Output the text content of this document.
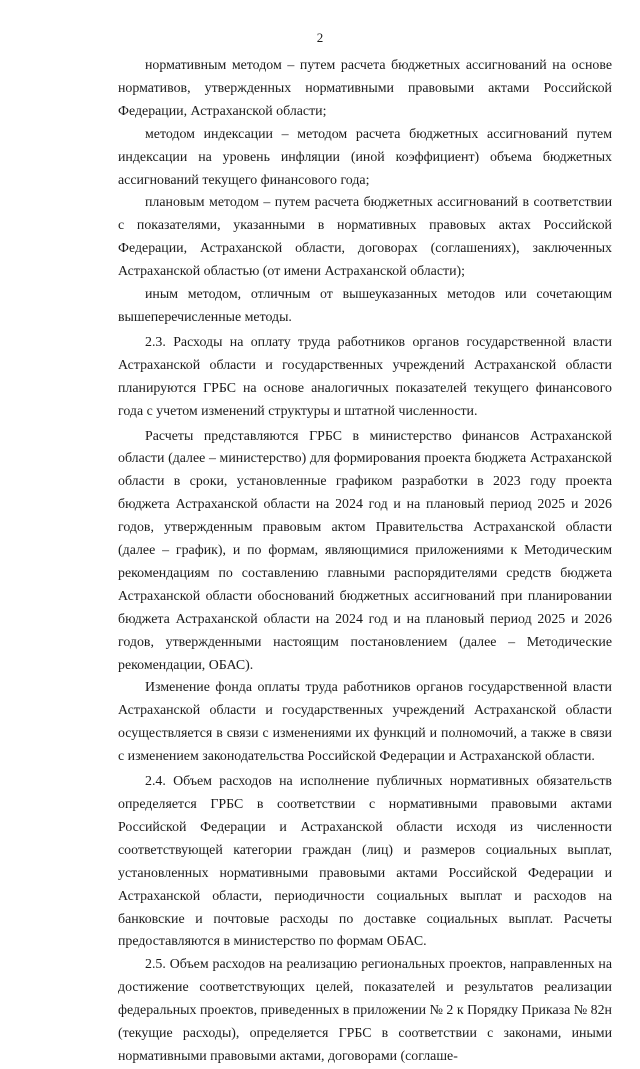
2

нормативным методом – путем расчета бюджетных ассигнований на основе нормативов, утвержденных нормативными правовыми актами Российской Федерации, Астраханской области;

методом индексации – методом расчета бюджетных ассигнований путем индексации на уровень инфляции (иной коэффициент) объема бюджетных ассигнований текущего финансового года;

плановым методом – путем расчета бюджетных ассигнований в соответствии с показателями, указанными в нормативных правовых актах Российской Федерации, Астраханской области, договорах (соглашениях), заключенных Астраханской областью (от имени Астраханской области);

иным методом, отличным от вышеуказанных методов или сочетающим вышеперечисленные методы.

2.3. Расходы на оплату труда работников органов государственной власти Астраханской области и государственных учреждений Астраханской области планируются ГРБС на основе аналогичных показателей текущего финансового года с учетом изменений структуры и штатной численности.

Расчеты представляются ГРБС в министерство финансов Астраханской области (далее – министерство) для формирования проекта бюджета Астраханской области в сроки, установленные графиком разработки в 2023 году проекта бюджета Астраханской области на 2024 год и на плановый период 2025 и 2026 годов, утвержденным правовым актом Правительства Астраханской области (далее – график), и по формам, являющимися приложениями к Методическим рекомендациям по составлению главными распорядителями средств бюджета Астраханской области обоснований бюджетных ассигнований при планировании бюджета Астраханской области на 2024 год и на плановый период 2025 и 2026 годов, утвержденными настоящим постановлением (далее – Методические рекомендации, ОБАС).

Изменение фонда оплаты труда работников органов государственной власти Астраханской области и государственных учреждений Астраханской области осуществляется в связи с изменениями их функций и полномочий, а также в связи с изменением законодательства Российской Федерации и Астраханской области.

2.4. Объем расходов на исполнение публичных нормативных обязательств определяется ГРБС в соответствии с нормативными правовыми актами Российской Федерации и Астраханской области исходя из численности соответствующей категории граждан (лиц) и размеров социальных выплат, установленных нормативными правовыми актами Российской Федерации и Астраханской области, периодичности социальных выплат и расходов на банковские и почтовые расходы по доставке социальных выплат. Расчеты предоставляются в министерство по формам ОБАС.

2.5. Объем расходов на реализацию региональных проектов, направленных на достижение соответствующих целей, показателей и результатов реализации федеральных проектов, приведенных в приложении № 2 к Порядку Приказа № 82н (текущие расходы), определяется ГРБС в соответствии с законами, иными нормативными правовыми актами, договорами (соглаше-
